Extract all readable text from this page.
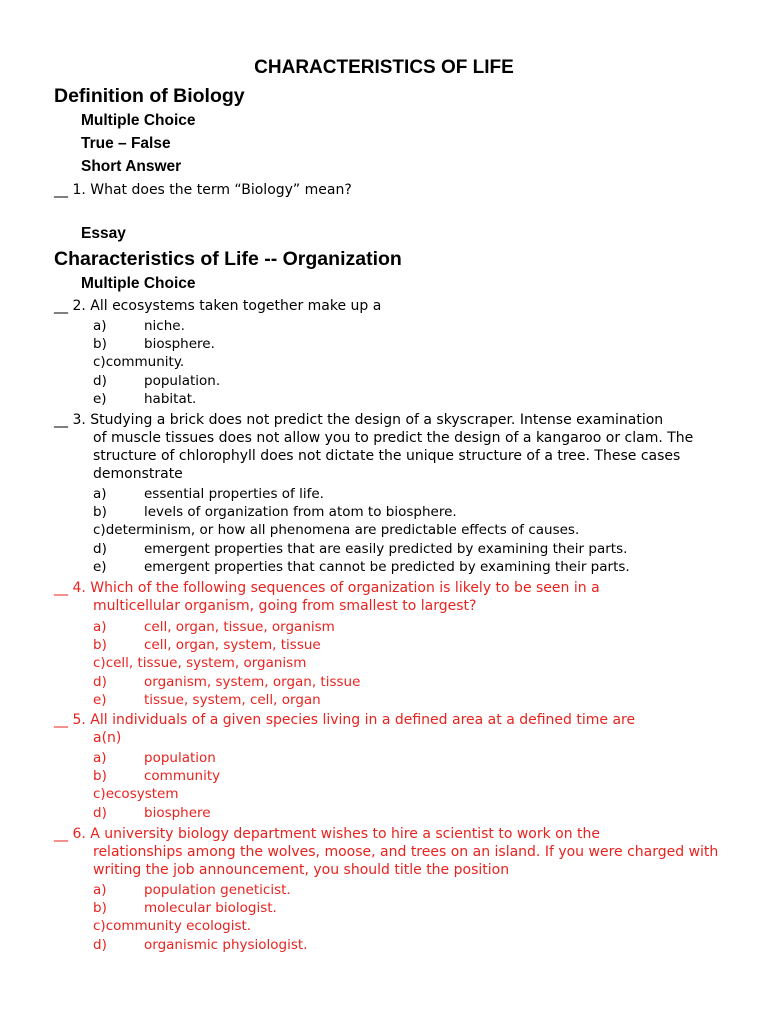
CHARACTERISTICS OF LIFE
Definition of Biology
Multiple Choice
True – False
Short Answer
__ 1. What does the term “Biology” mean?
Essay
Characteristics of Life -- Organization
Multiple Choice
__ 2. All ecosystems taken together make up a
a)	niche.
b)	biosphere.
c)community.
d)	population.
e)	habitat.
__ 3. Studying a brick does not predict the design of a skyscraper. Intense examination
of muscle tissues does not allow you to predict the design of a kangaroo or clam. The structure of chlorophyll does not dictate the unique structure of a tree. These cases demonstrate
a)	essential properties of life.
b)	levels of organization from atom to biosphere.
c)determinism, or how all phenomena are predictable effects of causes.
d)	emergent properties that are easily predicted by examining their parts.
e)	emergent properties that cannot be predicted by examining their parts.
__ 4. Which of the following sequences of organization is likely to be seen in a
multicellular organism, going from smallest to largest?
a)	cell, organ, tissue, organism
b)	cell, organ, system, tissue
c)cell, tissue, system, organism
d)	organism, system, organ, tissue
e)	tissue, system, cell, organ
__ 5. All individuals of a given species living in a defined area at a defined time are
a(n)
a)	population
b)	community
c)ecosystem
d)	biosphere
__ 6. A university biology department wishes to hire a scientist to work on the
relationships among the wolves, moose, and trees on an island. If you were charged with writing the job announcement, you should title the position
a)	population geneticist.
b)	molecular biologist.
c)community ecologist.
d)	organismic physiologist.
